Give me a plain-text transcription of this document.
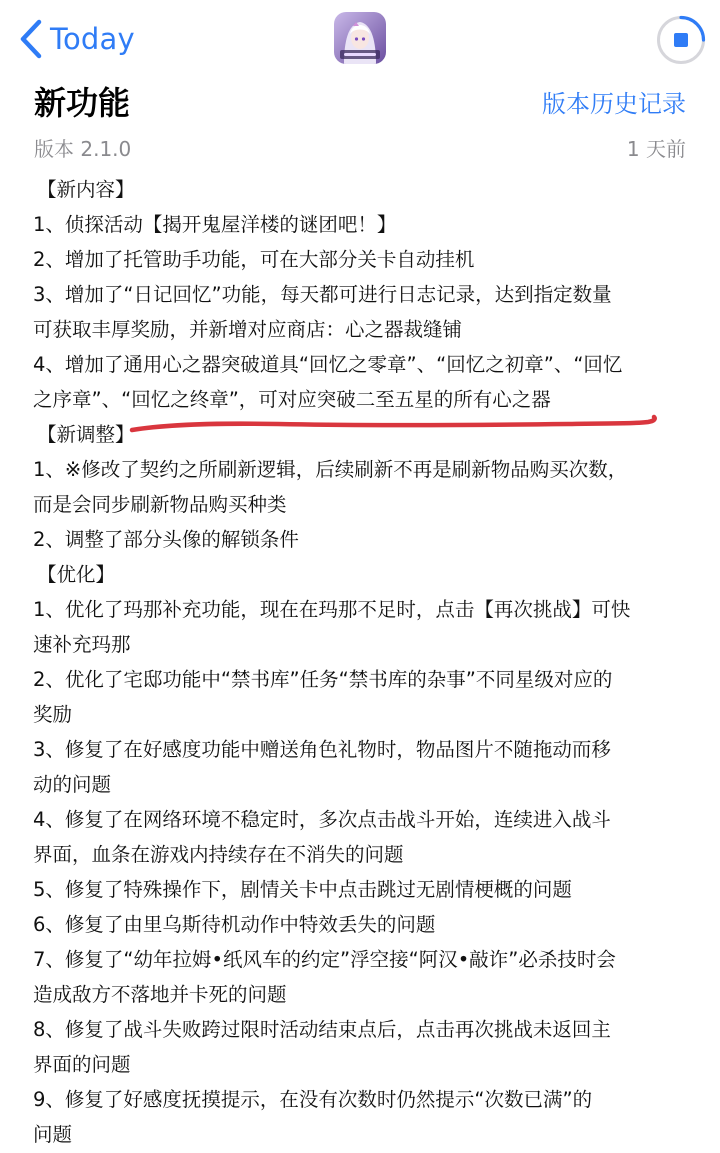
Today
新功能	版本历史记录
版本 2.1.0	1 天前
【新内容】
1、侦探活动【揭开鬼屋洋楼的谜团吧！】
2、增加了托管助手功能，可在大部分关卡自动挂机
3、增加了“日记回忆”功能，每天都可进行日志记录，达到指定数量
可获取丰厚奖励，并新增对应商店：心之器裁缝铺
4、增加了通用心之器突破道具“回忆之零章”、“回忆之初章”、“回忆
之序章”、“回忆之终章”，可对应突破二至五星的所有心之器
【新调整】
1、※修改了契约之所刷新逻辑，后续刷新不再是刷新物品购买次数，
而是会同步刷新物品购买种类
2、调整了部分头像的解锁条件
【优化】
1、优化了玛那补充功能，现在在玛那不足时，点击【再次挑战】可快
速补充玛那
2、优化了宅邸功能中“禁书库”任务“禁书库的杂事”不同星级对应的
奖励
3、修复了在好感度功能中赠送角色礼物时，物品图片不随拖动而移
动的问题
4、修复了在网络环境不稳定时，多次点击战斗开始，连续进入战斗
界面，血条在游戏内持续存在不消失的问题
5、修复了特殊操作下，剧情关卡中点击跳过无剧情梗概的问题
6、修复了由里乌斯待机动作中特效丢失的问题
7、修复了“幼年拉姆•纸风车的约定”浮空接“阿汉•敲诈”必杀技时会
造成敌方不落地并卡死的问题
8、修复了战斗失败跨过限时活动结束点后，点击再次挑战未返回主
界面的问题
9、修复了好感度抚摸提示，在没有次数时仍然提示“次数已满”的
问题
